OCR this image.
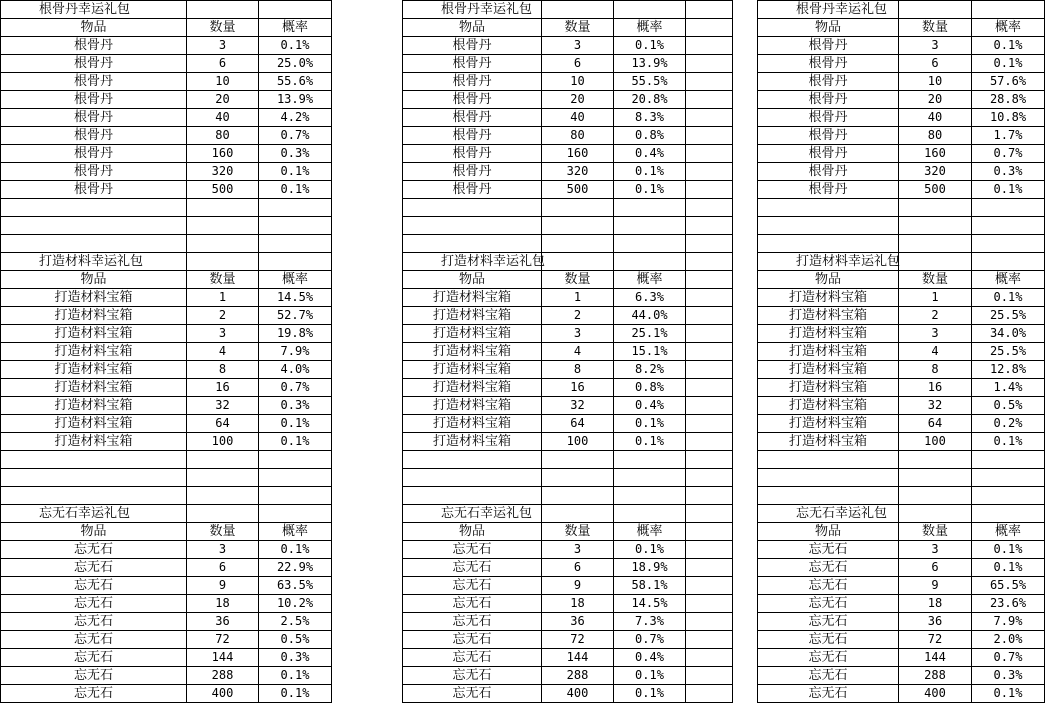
根骨丹幸运礼包		
物品	数量	概率
根骨丹	3	0.1%
根骨丹	6	25.0%
根骨丹	10	55.6%
根骨丹	20	13.9%
根骨丹	40	4.2%
根骨丹	80	0.7%
根骨丹	160	0.3%
根骨丹	320	0.1%
根骨丹	500	0.1%

打造材料幸运礼包		
物品	数量	概率
打造材料宝箱	1	14.5%
打造材料宝箱	2	52.7%
打造材料宝箱	3	19.8%
打造材料宝箱	4	7.9%
打造材料宝箱	8	4.0%
打造材料宝箱	16	0.7%
打造材料宝箱	32	0.3%
打造材料宝箱	64	0.1%
打造材料宝箱	100	0.1%

忘无石幸运礼包		
物品	数量	概率
忘无石	3	0.1%
忘无石	6	22.9%
忘无石	9	63.5%
忘无石	18	10.2%
忘无石	36	2.5%
忘无石	72	0.5%
忘无石	144	0.3%
忘无石	288	0.1%
忘无石	400	0.1%
根骨丹幸运礼包			
物品	数量	概率	
根骨丹	3	0.1%	
根骨丹	6	13.9%	
根骨丹	10	55.5%	
根骨丹	20	20.8%	
根骨丹	40	8.3%	
根骨丹	80	0.8%	
根骨丹	160	0.4%	
根骨丹	320	0.1%	
根骨丹	500	0.1%	

打造材料幸运礼包			
物品	数量	概率	
打造材料宝箱	1	6.3%	
打造材料宝箱	2	44.0%	
打造材料宝箱	3	25.1%	
打造材料宝箱	4	15.1%	
打造材料宝箱	8	8.2%	
打造材料宝箱	16	0.8%	
打造材料宝箱	32	0.4%	
打造材料宝箱	64	0.1%	
打造材料宝箱	100	0.1%	

忘无石幸运礼包			
物品	数量	概率	
忘无石	3	0.1%	
忘无石	6	18.9%	
忘无石	9	58.1%	
忘无石	18	14.5%	
忘无石	36	7.3%	
忘无石	72	0.7%	
忘无石	144	0.4%	
忘无石	288	0.1%	
忘无石	400	0.1%	
根骨丹幸运礼包		
物品	数量	概率
根骨丹	3	0.1%
根骨丹	6	0.1%
根骨丹	10	57.6%
根骨丹	20	28.8%
根骨丹	40	10.8%
根骨丹	80	1.7%
根骨丹	160	0.7%
根骨丹	320	0.3%
根骨丹	500	0.1%

打造材料幸运礼包		
物品	数量	概率
打造材料宝箱	1	0.1%
打造材料宝箱	2	25.5%
打造材料宝箱	3	34.0%
打造材料宝箱	4	25.5%
打造材料宝箱	8	12.8%
打造材料宝箱	16	1.4%
打造材料宝箱	32	0.5%
打造材料宝箱	64	0.2%
打造材料宝箱	100	0.1%

忘无石幸运礼包		
物品	数量	概率
忘无石	3	0.1%
忘无石	6	0.1%
忘无石	9	65.5%
忘无石	18	23.6%
忘无石	36	7.9%
忘无石	72	2.0%
忘无石	144	0.7%
忘无石	288	0.3%
忘无石	400	0.1%
